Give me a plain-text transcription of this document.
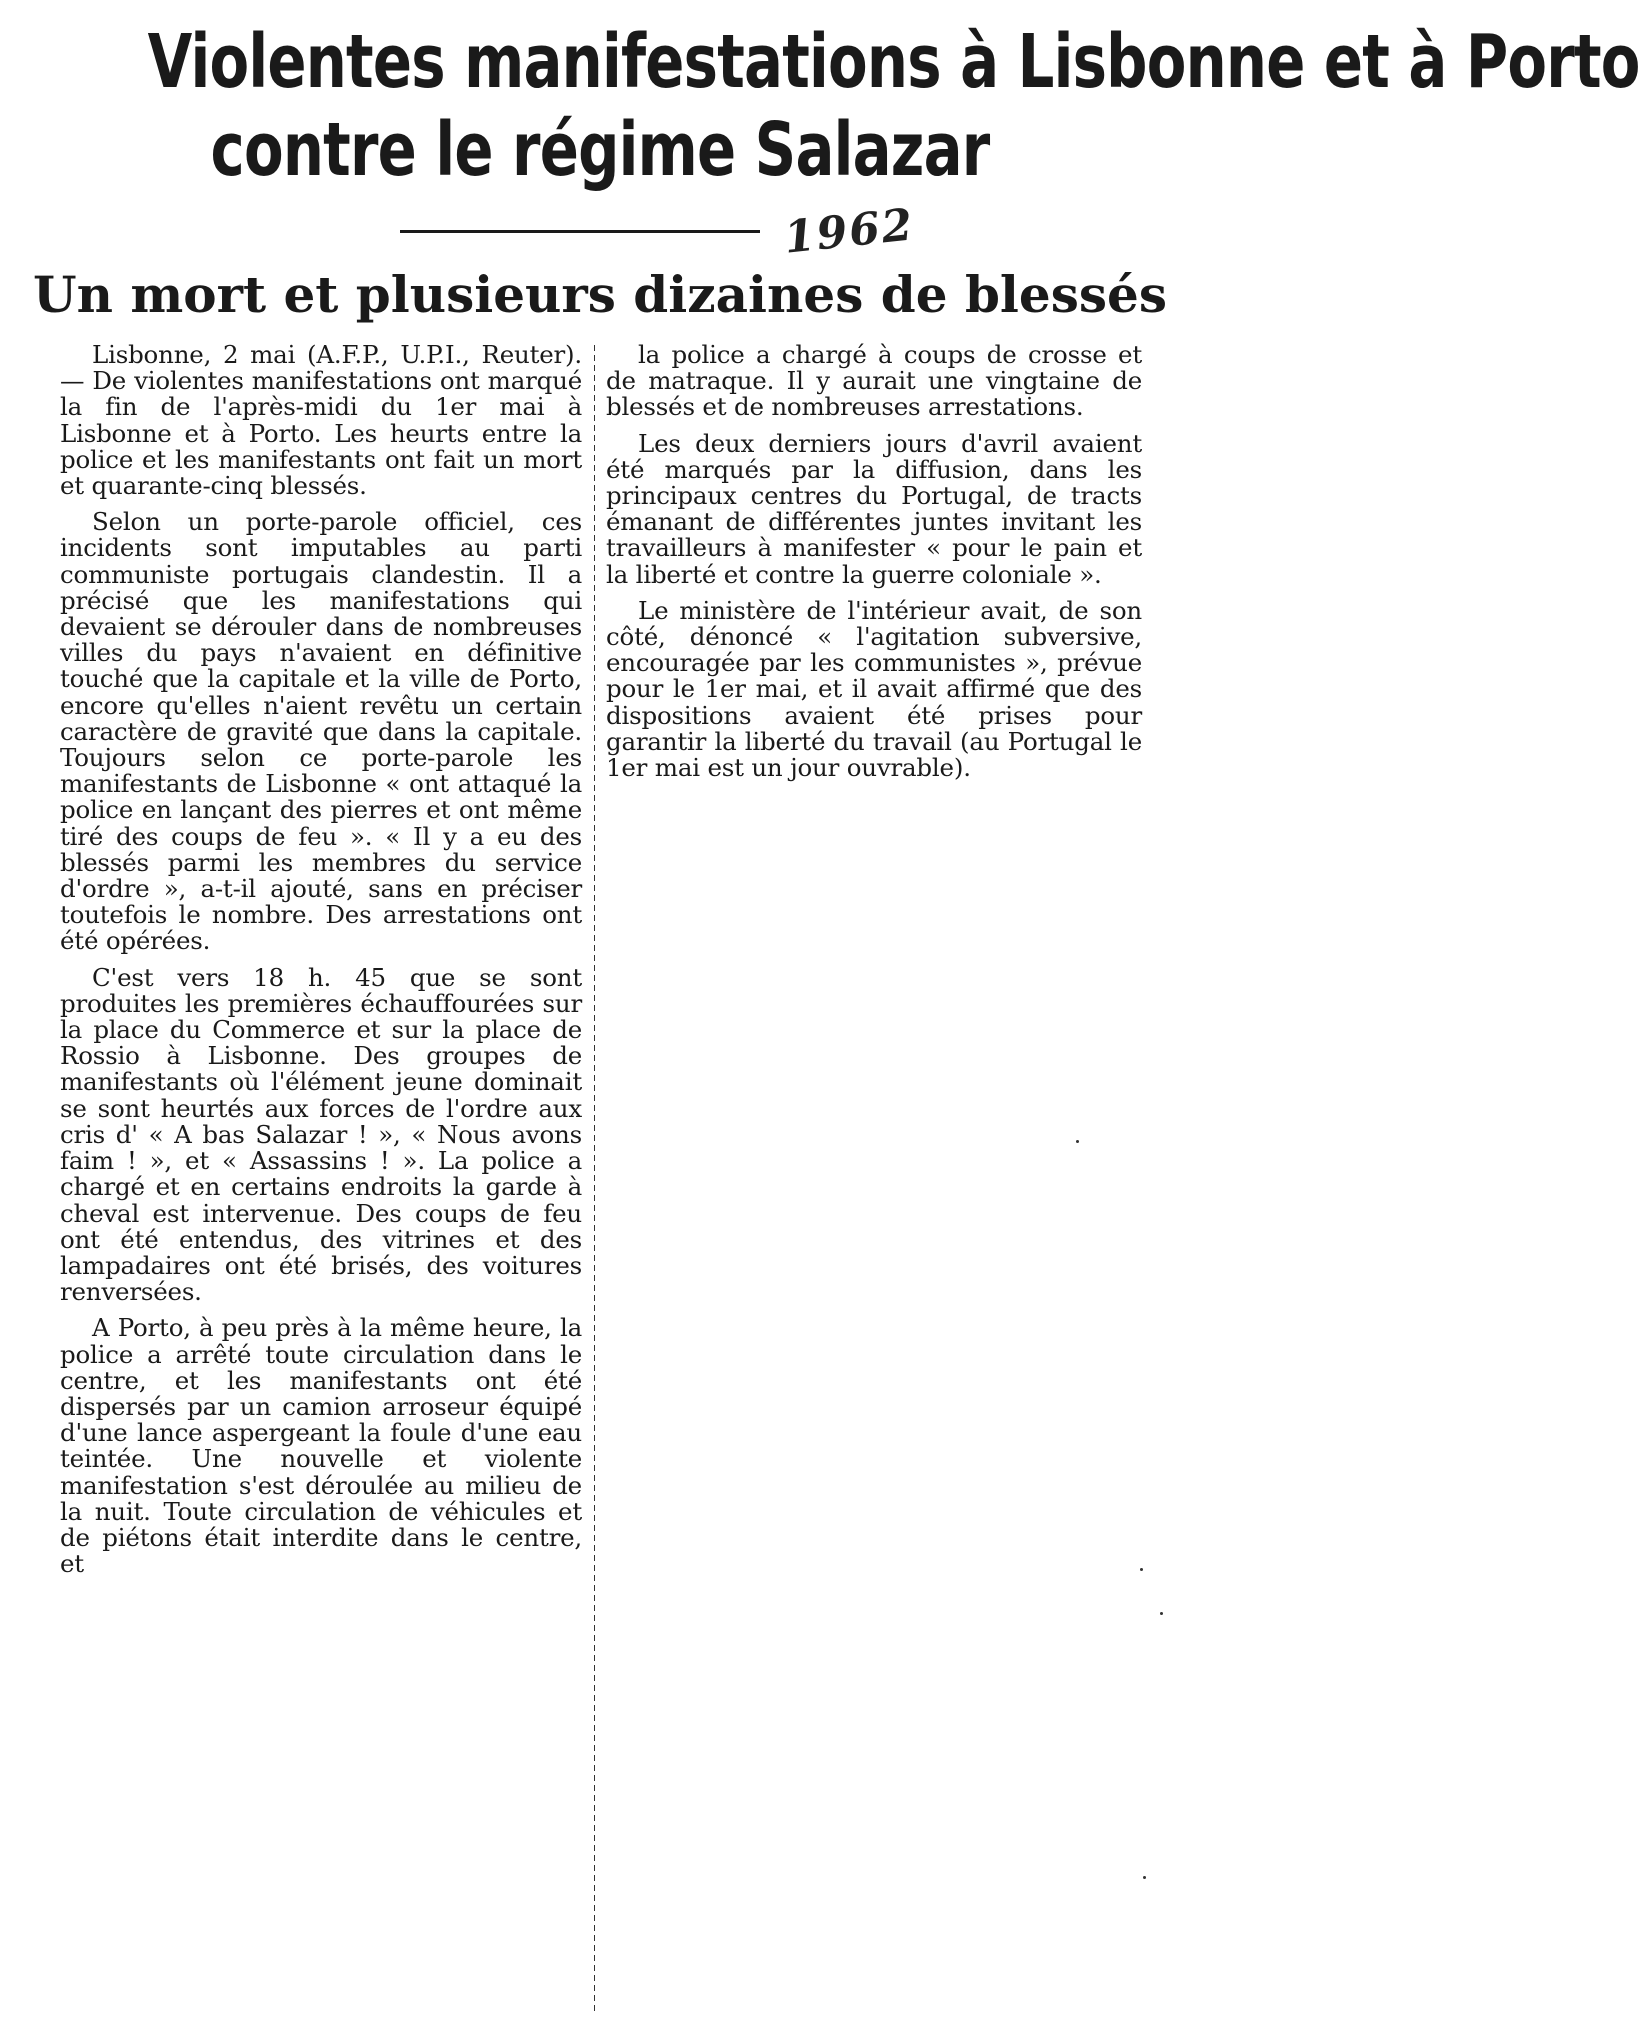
Violentes manifestations à Lisbonne et à Porto
contre le régime Salazar
1962
Un mort et plusieurs dizaines de blessés

Lisbonne, 2 mai (A.F.P., U.P.I., Reuter). — De violentes manifestations ont marqué la fin de l'après-midi du 1er mai à Lisbonne et à Porto. Les heurts entre la police et les manifestants ont fait un mort et quarante-cinq blessés.

Selon un porte-parole officiel, ces incidents sont imputables au parti communiste portugais clandestin. Il a précisé que les manifestations qui devaient se dérouler dans de nombreuses villes du pays n'avaient en définitive touché que la capitale et la ville de Porto, encore qu'elles n'aient revêtu un certain caractère de gravité que dans la capitale. Toujours selon ce porte-parole les manifestants de Lisbonne « ont attaqué la police en lançant des pierres et ont même tiré des coups de feu ». « Il y a eu des blessés parmi les membres du service d'ordre », a-t-il ajouté, sans en préciser toutefois le nombre. Des arrestations ont été opérées.

C'est vers 18 h. 45 que se sont produites les premières échauffourées sur la place du Commerce et sur la place de Rossio à Lisbonne. Des groupes de manifestants où l'élément jeune dominait se sont heurtés aux forces de l'ordre aux cris d' « A bas Salazar ! », « Nous avons faim ! », et « Assassins ! ». La police a chargé et en certains endroits la garde à cheval est intervenue. Des coups de feu ont été entendus, des vitrines et des lampadaires ont été brisés, des voitures renversées.

A Porto, à peu près à la même heure, la police a arrêté toute circulation dans le centre, et les manifestants ont été dispersés par un camion arroseur équipé d'une lance aspergeant la foule d'une eau teintée. Une nouvelle et violente manifestation s'est déroulée au milieu de la nuit. Toute circulation de véhicules et de piétons était interdite dans le centre, et

la police a chargé à coups de crosse et de matraque. Il y aurait une vingtaine de blessés et de nombreuses arrestations.

Les deux derniers jours d'avril avaient été marqués par la diffusion, dans les principaux centres du Portugal, de tracts émanant de différentes juntes invitant les travailleurs à manifester « pour le pain et la liberté et contre la guerre coloniale ».

Le ministère de l'intérieur avait, de son côté, dénoncé « l'agitation subversive, encouragée par les communistes », prévue pour le 1er mai, et il avait affirmé que des dispositions avaient été prises pour garantir la liberté du travail (au Portugal le 1er mai est un jour ouvrable).
